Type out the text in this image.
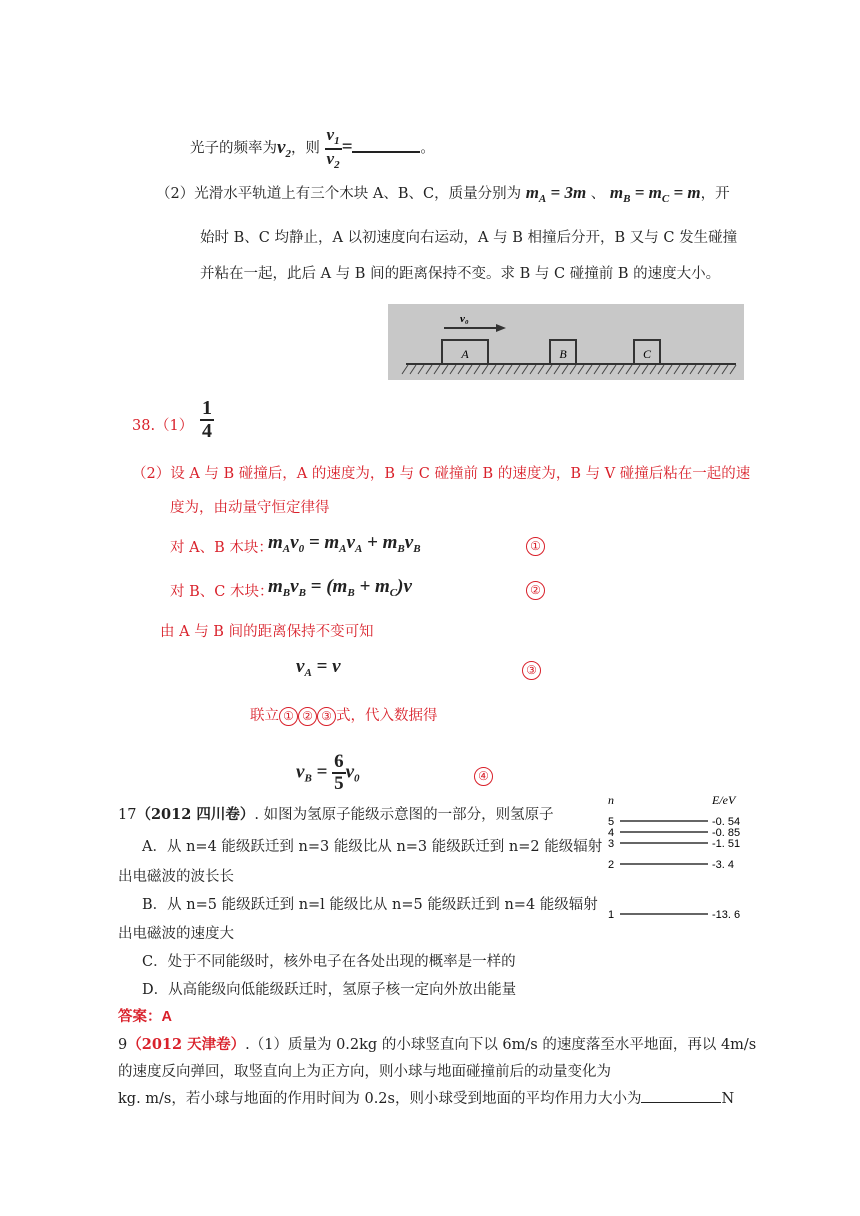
光子的频率为$\nu_2$，则 $\frac{\nu_1}{\nu_2}$ =	。
（2）光滑水平轨道上有三个木块 A、B、C，质量分别为 $m_A = 3m$ 、 $m_B = m_C = m$，开
始时 B、C 均静止，A 以初速度向右运动，A 与 B 相撞后分开，B 又与 C 发生碰撞
并粘在一起，此后 A 与 B 间的距离保持不变。求 B 与 C 碰撞前 B 的速度大小。
A	B	C
v₀
$38.(1) \frac{1}{4}$
（2）设 A 与 B 碰撞后，A 的速度为，B 与 C 碰撞前 B 的速度为，B 与 V 碰撞后粘在一起的速
度为，由动量守恒定律得
对 A、B 木块：
$m_Av_0 = m_Av_A + m_Bv_B$	①
对 B、C 木块：
$m_Bv_B = (m_B + m_C)v$	②
由 A 与 B 间的距离保持不变可知
$v_A = v$	③
联立 ① ② ③ 式，代入数据得
$v_B = \frac{6}{5} v_0$	④
17（2012 四川卷）. 如图为氢原子能级示意图的一部分，则氢原子
A．从 n=4 能级跃迁到 n=3 能级比从 n=3 能级跃迁到 n=2 能级辐射
出电磁波的波长长
B．从 n=5 能级跃迁到 n=l 能级比从 n=5 能级跃迁到 n=4 能级辐射
出电磁波的速度大
C．处于不同能级时，核外电子在各处出现的概率是一样的
D．从高能级向低能级跃迁时，氢原子核一定向外放出能量
答案：A
n	E/eV
5	-0. 54
4	-0. 85
3	-1. 51
2	-3. 4
1	-13. 6
9（2012 天津卷）.（1）质量为 0.2kg 的小球竖直向下以 6m/s 的速度落至水平地面，再以 4m/s
的速度反向弹回，取竖直向上为正方向，则小球与地面碰撞前后的动量变化为
kg. m/s，若小球与地面的作用时间为 0.2s，则小球受到地面的平均作用力大小为	N
